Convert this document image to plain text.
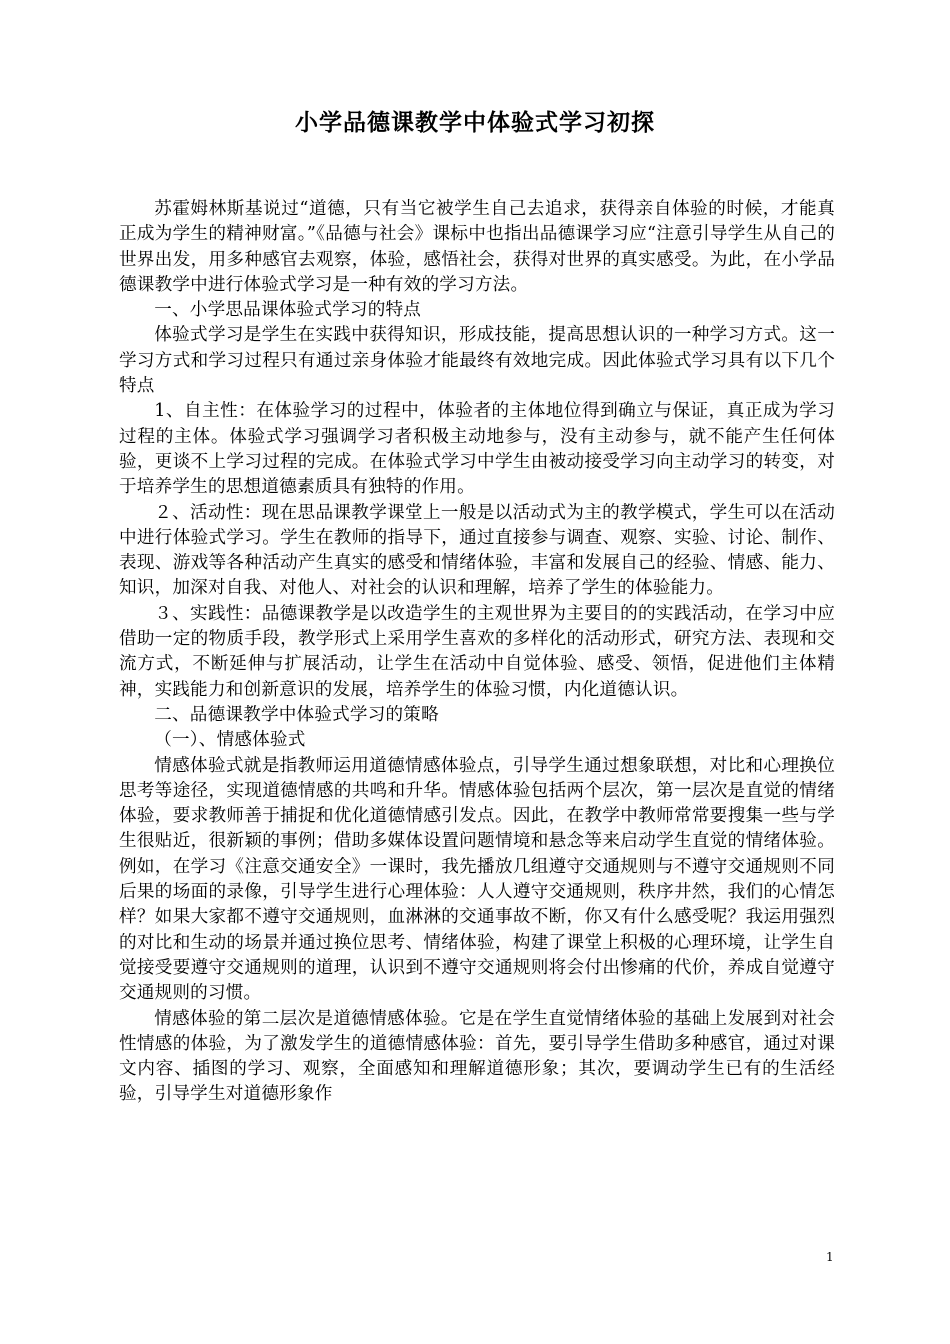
小学品德课教学中体验式学习初探

苏霍姆林斯基说过“道德，只有当它被学生自己去追求，获得亲自体验的时候，才能真正成为学生的精神财富。”《品德与社会》课标中也指出品德课学习应“注意引导学生从自己的世界出发，用多种感官去观察，体验，感悟社会，获得对世界的真实感受。为此，在小学品德课教学中进行体验式学习是一种有效的学习方法。

一、小学思品课体验式学习的特点

体验式学习是学生在实践中获得知识，形成技能，提高思想认识的一种学习方式。这一学习方式和学习过程只有通过亲身体验才能最终有效地完成。因此体验式学习具有以下几个特点

1、自主性：在体验学习的过程中，体验者的主体地位得到确立与保证，真正成为学习过程的主体。体验式学习强调学习者积极主动地参与，没有主动参与，就不能产生任何体验，更谈不上学习过程的完成。在体验式学习中学生由被动接受学习向主动学习的转变，对于培养学生的思想道德素质具有独特的作用。

２、活动性：现在思品课教学课堂上一般是以活动式为主的教学模式，学生可以在活动中进行体验式学习。学生在教师的指导下，通过直接参与调查、观察、实验、讨论、制作、表现、游戏等各种活动产生真实的感受和情绪体验，丰富和发展自己的经验、情感、能力、知识，加深对自我、对他人、对社会的认识和理解，培养了学生的体验能力。

３、实践性：品德课教学是以改造学生的主观世界为主要目的的实践活动，在学习中应借助一定的物质手段，教学形式上采用学生喜欢的多样化的活动形式，研究方法、表现和交流方式，不断延伸与扩展活动，让学生在活动中自觉体验、感受、领悟，促进他们主体精神，实践能力和创新意识的发展，培养学生的体验习惯，内化道德认识。

二、品德课教学中体验式学习的策略

（一）、情感体验式

情感体验式就是指教师运用道德情感体验点，引导学生通过想象联想，对比和心理换位思考等途径，实现道德情感的共鸣和升华。情感体验包括两个层次，第一层次是直觉的情绪体验，要求教师善于捕捉和优化道德情感引发点。因此，在教学中教师常常要搜集一些与学生很贴近，很新颖的事例；借助多媒体设置问题情境和悬念等来启动学生直觉的情绪体验。例如，在学习《注意交通安全》一课时，我先播放几组遵守交通规则与不遵守交通规则不同后果的场面的录像，引导学生进行心理体验：人人遵守交通规则，秩序井然，我们的心情怎样？如果大家都不遵守交通规则，血淋淋的交通事故不断，你又有什么感受呢？我运用强烈的对比和生动的场景并通过换位思考、情绪体验，构建了课堂上积极的心理环境，让学生自觉接受要遵守交通规则的道理，认识到不遵守交通规则将会付出惨痛的代价，养成自觉遵守交通规则的习惯。

情感体验的第二层次是道德情感体验。它是在学生直觉情绪体验的基础上发展到对社会性情感的体验，为了激发学生的道德情感体验：首先，要引导学生借助多种感官，通过对课文内容、插图的学习、观察，全面感知和理解道德形象；其次，要调动学生已有的生活经验，引导学生对道德形象作

1
